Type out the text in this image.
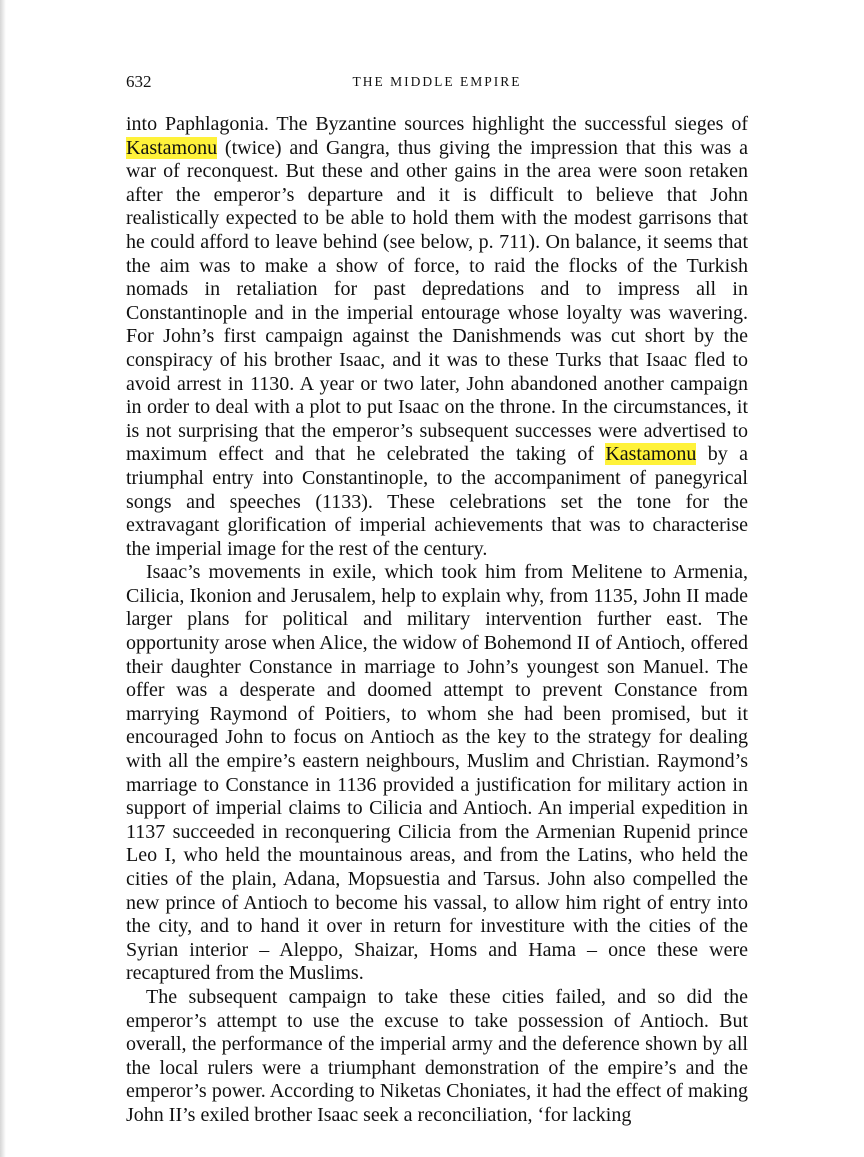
632	THE MIDDLE EMPIRE

into Paphlagonia. The Byzantine sources highlight the successful sieges of Kastamonu (twice) and Gangra, thus giving the impression that this was a war of reconquest. But these and other gains in the area were soon retaken after the emperor’s departure and it is difficult to believe that John realistically expected to be able to hold them with the modest garrisons that he could afford to leave behind (see below, p. 711). On balance, it seems that the aim was to make a show of force, to raid the flocks of the Turkish nomads in retaliation for past depredations and to impress all in Constantinople and in the imperial entourage whose loyalty was wavering. For John’s first campaign against the Danishmends was cut short by the conspiracy of his brother Isaac, and it was to these Turks that Isaac fled to avoid arrest in 1130. A year or two later, John abandoned another campaign in order to deal with a plot to put Isaac on the throne. In the circumstances, it is not surprising that the emperor’s subsequent successes were advertised to maximum effect and that he celebrated the taking of Kastamonu by a triumphal entry into Constantinople, to the accompaniment of panegyrical songs and speeches (1133). These celebrations set the tone for the extravagant glorification of imperial achievements that was to characterise the imperial image for the rest of the century.

Isaac’s movements in exile, which took him from Melitene to Armenia, Cilicia, Ikonion and Jerusalem, help to explain why, from 1135, John II made larger plans for political and military intervention further east. The opportunity arose when Alice, the widow of Bohemond II of Antioch, offered their daughter Constance in marriage to John’s youngest son Manuel. The offer was a desperate and doomed attempt to prevent Constance from marrying Raymond of Poitiers, to whom she had been promised, but it encouraged John to focus on Antioch as the key to the strategy for dealing with all the empire’s eastern neighbours, Muslim and Christian. Raymond’s marriage to Constance in 1136 provided a justification for military action in support of imperial claims to Cilicia and Antioch. An imperial expedition in 1137 succeeded in reconquering Cilicia from the Armenian Rupenid prince Leo I, who held the mountainous areas, and from the Latins, who held the cities of the plain, Adana, Mopsuestia and Tarsus. John also compelled the new prince of Antioch to become his vassal, to allow him right of entry into the city, and to hand it over in return for investiture with the cities of the Syrian interior – Aleppo, Shaizar, Homs and Hama – once these were recaptured from the Muslims.

The subsequent campaign to take these cities failed, and so did the emperor’s attempt to use the excuse to take possession of Antioch. But overall, the performance of the imperial army and the deference shown by all the local rulers were a triumphant demonstration of the empire’s and the emperor’s power. According to Niketas Choniates, it had the effect of making John II’s exiled brother Isaac seek a reconciliation, ‘for lacking
